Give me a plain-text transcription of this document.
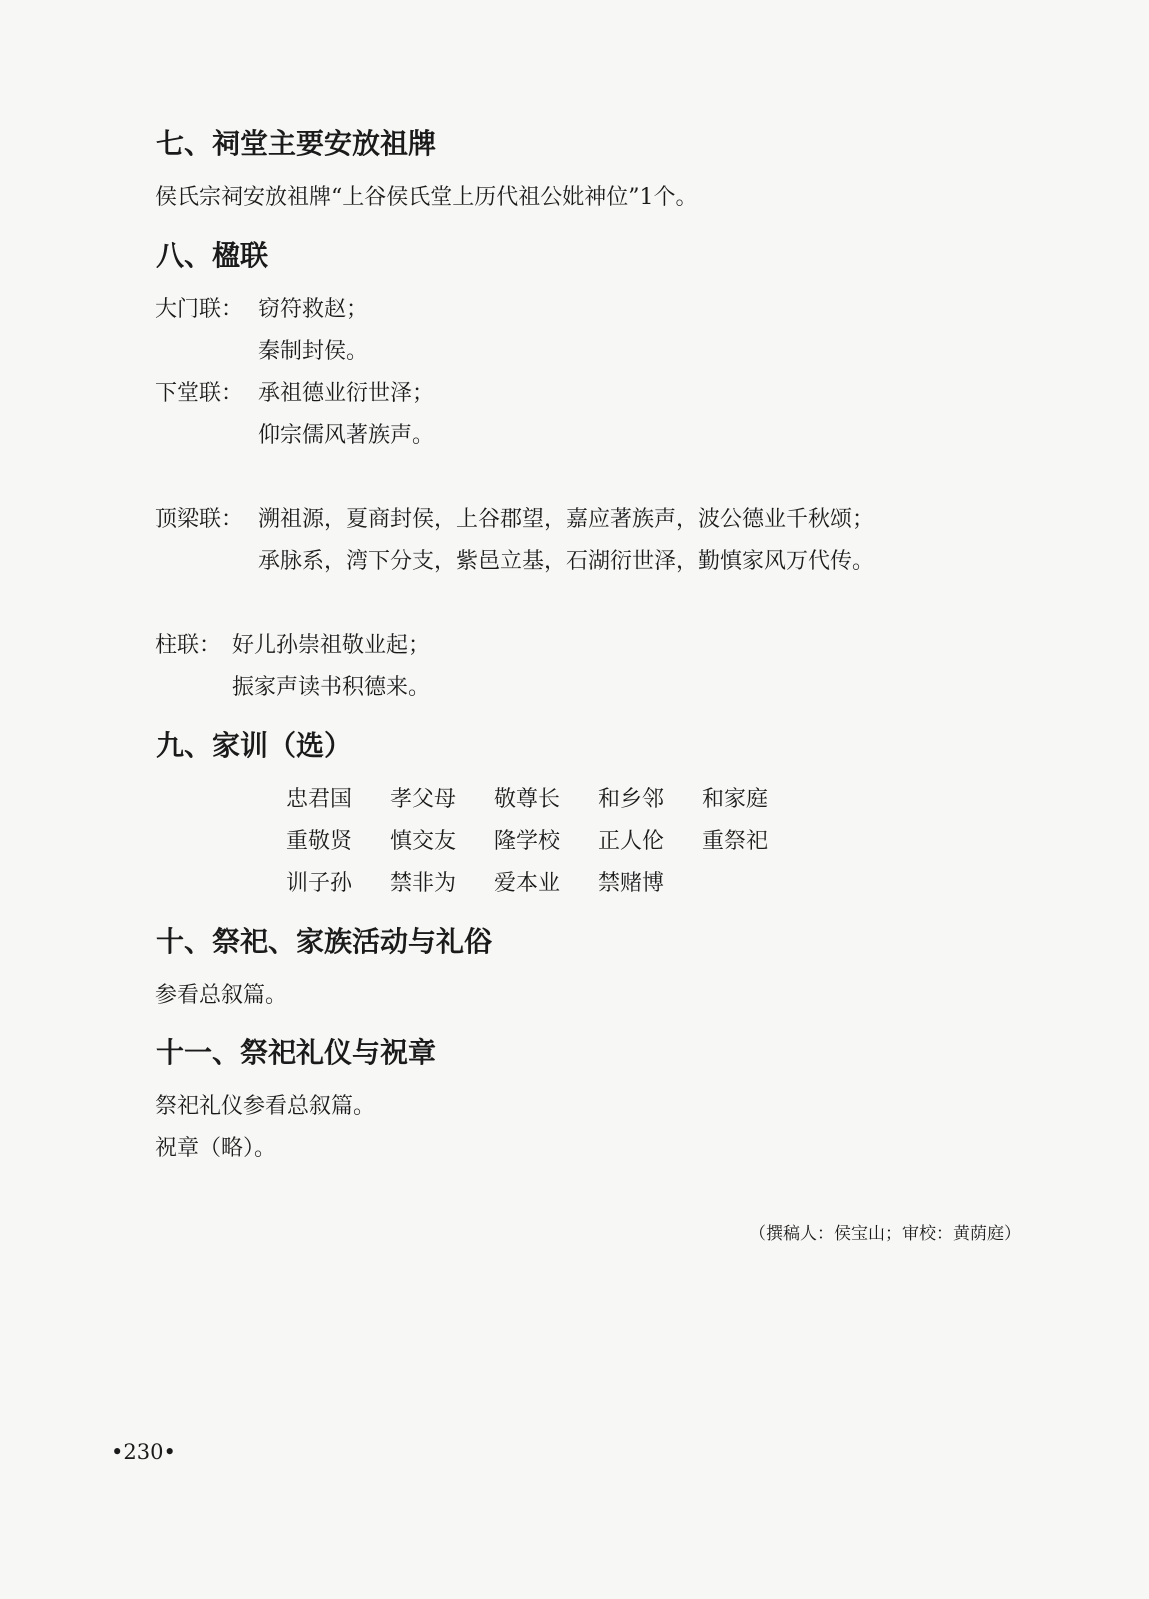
七、祠堂主要安放祖牌

侯氏宗祠安放祖牌“上谷侯氏堂上历代祖公妣神位”1个。

八、楹联
大门联： 窃符救赵；
秦制封侯。
下堂联： 承祖德业衍世泽；
仰宗儒风著族声。
顶梁联： 溯祖源，夏商封侯，上谷郡望，嘉应著族声，波公德业千秋颂；
承脉系，湾下分支，紫邑立基，石湖衍世泽，勤慎家风万代传。
柱联： 好儿孙崇祖敬业起；
振家声读书积德来。
九、家训（选）
忠君国	孝父母	敬尊长	和乡邻	和家庭
重敬贤	慎交友	隆学校	正人伦	重祭祀
训子孙	禁非为	爱本业	禁赌博
十、祭祀、家族活动与礼俗

参看总叙篇。

十一、祭祀礼仪与祝章

祭祀礼仪参看总叙篇。

祝章（略）。

（撰稿人：侯宝山；审校：黄荫庭）
•230•
